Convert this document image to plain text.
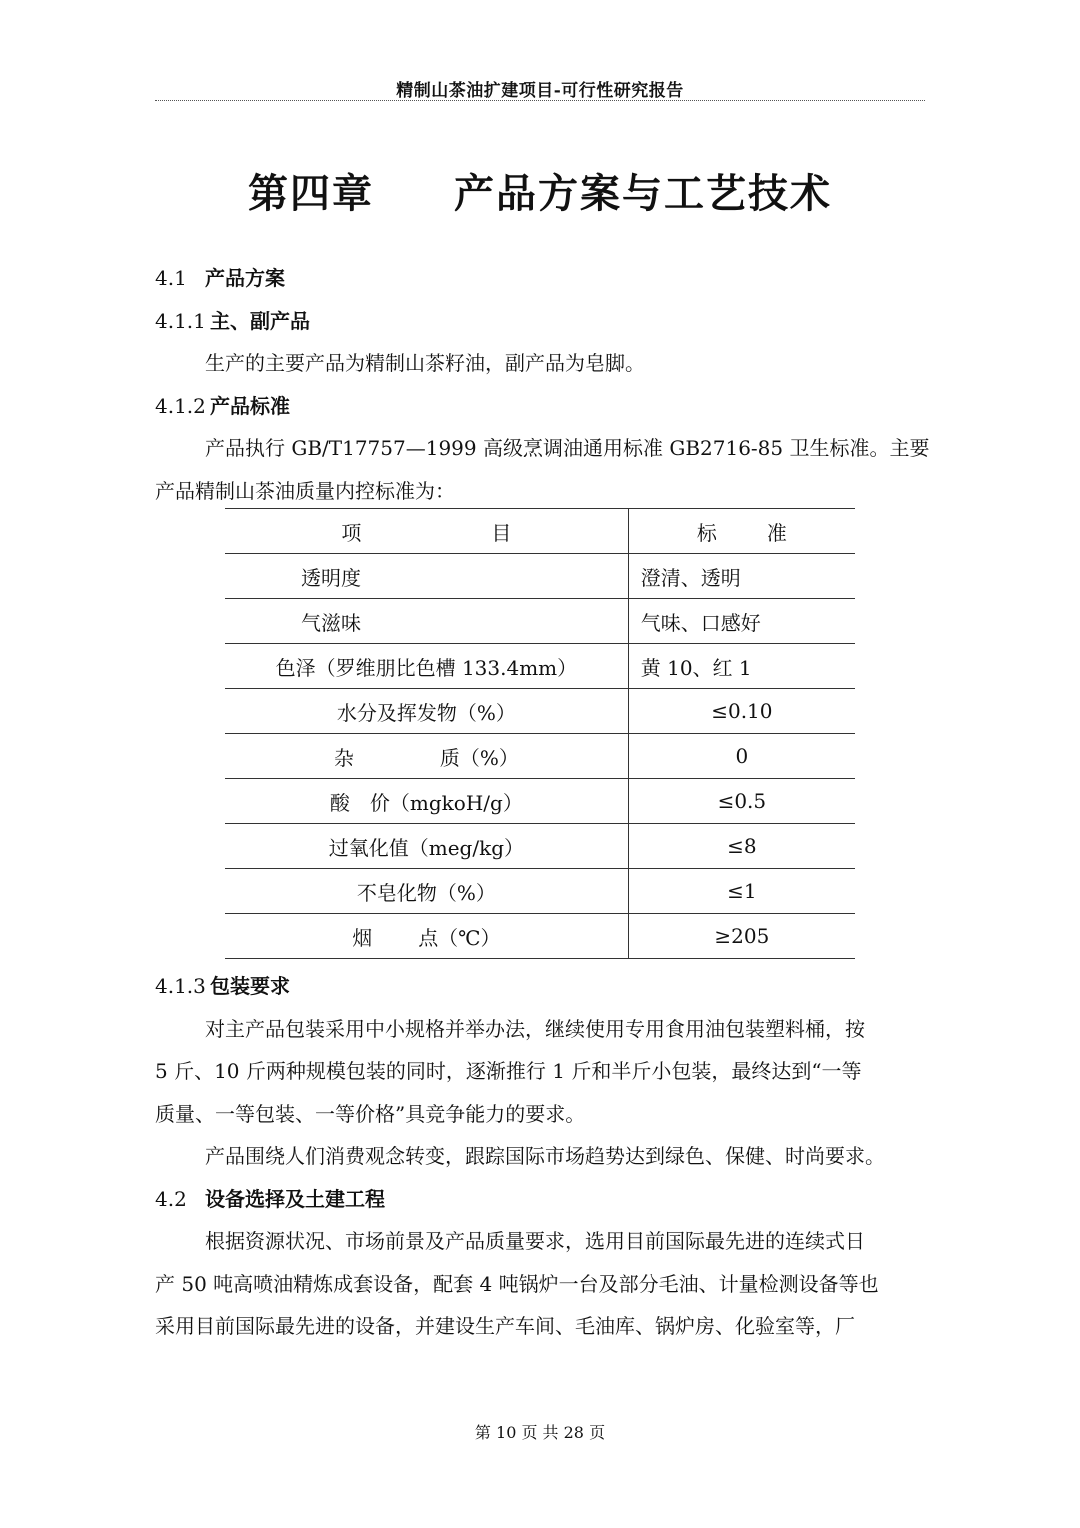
精制山茶油扩建项目-可行性研究报告
第四章 产品方案与工艺技术
4.1 产品方案
4.1.1 主、副产品
生产的主要产品为精制山茶籽油，副产品为皂脚。
4.1.2 产品标准
产品执行 GB/T17757—1999 高级烹调油通用标准 GB2716-85 卫生标准。主要
产品精制山茶油质量内控标准为：
项 目	标 准
透明度	澄清、透明
气滋味	气味、口感好
色泽（罗维朋比色槽 133.4mm）	黄 10、红 1
水分及挥发物（%）	≤0.10
杂 质（%）	0
酸 价（mgkoH/g）	≤0.5
过氧化值（meg/kg）	≤8
不皂化物（%）	≤1
烟 点（℃）	≥205
4.1.3 包装要求
对主产品包装采用中小规格并举办法，继续使用专用食用油包装塑料桶，按
5 斤、10 斤两种规模包装的同时，逐渐推行 1 斤和半斤小包装，最终达到“一等
质量、一等包装、一等价格”具竞争能力的要求。
产品围绕人们消费观念转变，跟踪国际市场趋势达到绿色、保健、时尚要求。
4.2 设备选择及土建工程
根据资源状况、市场前景及产品质量要求，选用目前国际最先进的连续式日
产 50 吨高喷油精炼成套设备，配套 4 吨锅炉一台及部分毛油、计量检测设备等也
采用目前国际最先进的设备，并建设生产车间、毛油库、锅炉房、化验室等，厂
第 10 页 共 28 页
